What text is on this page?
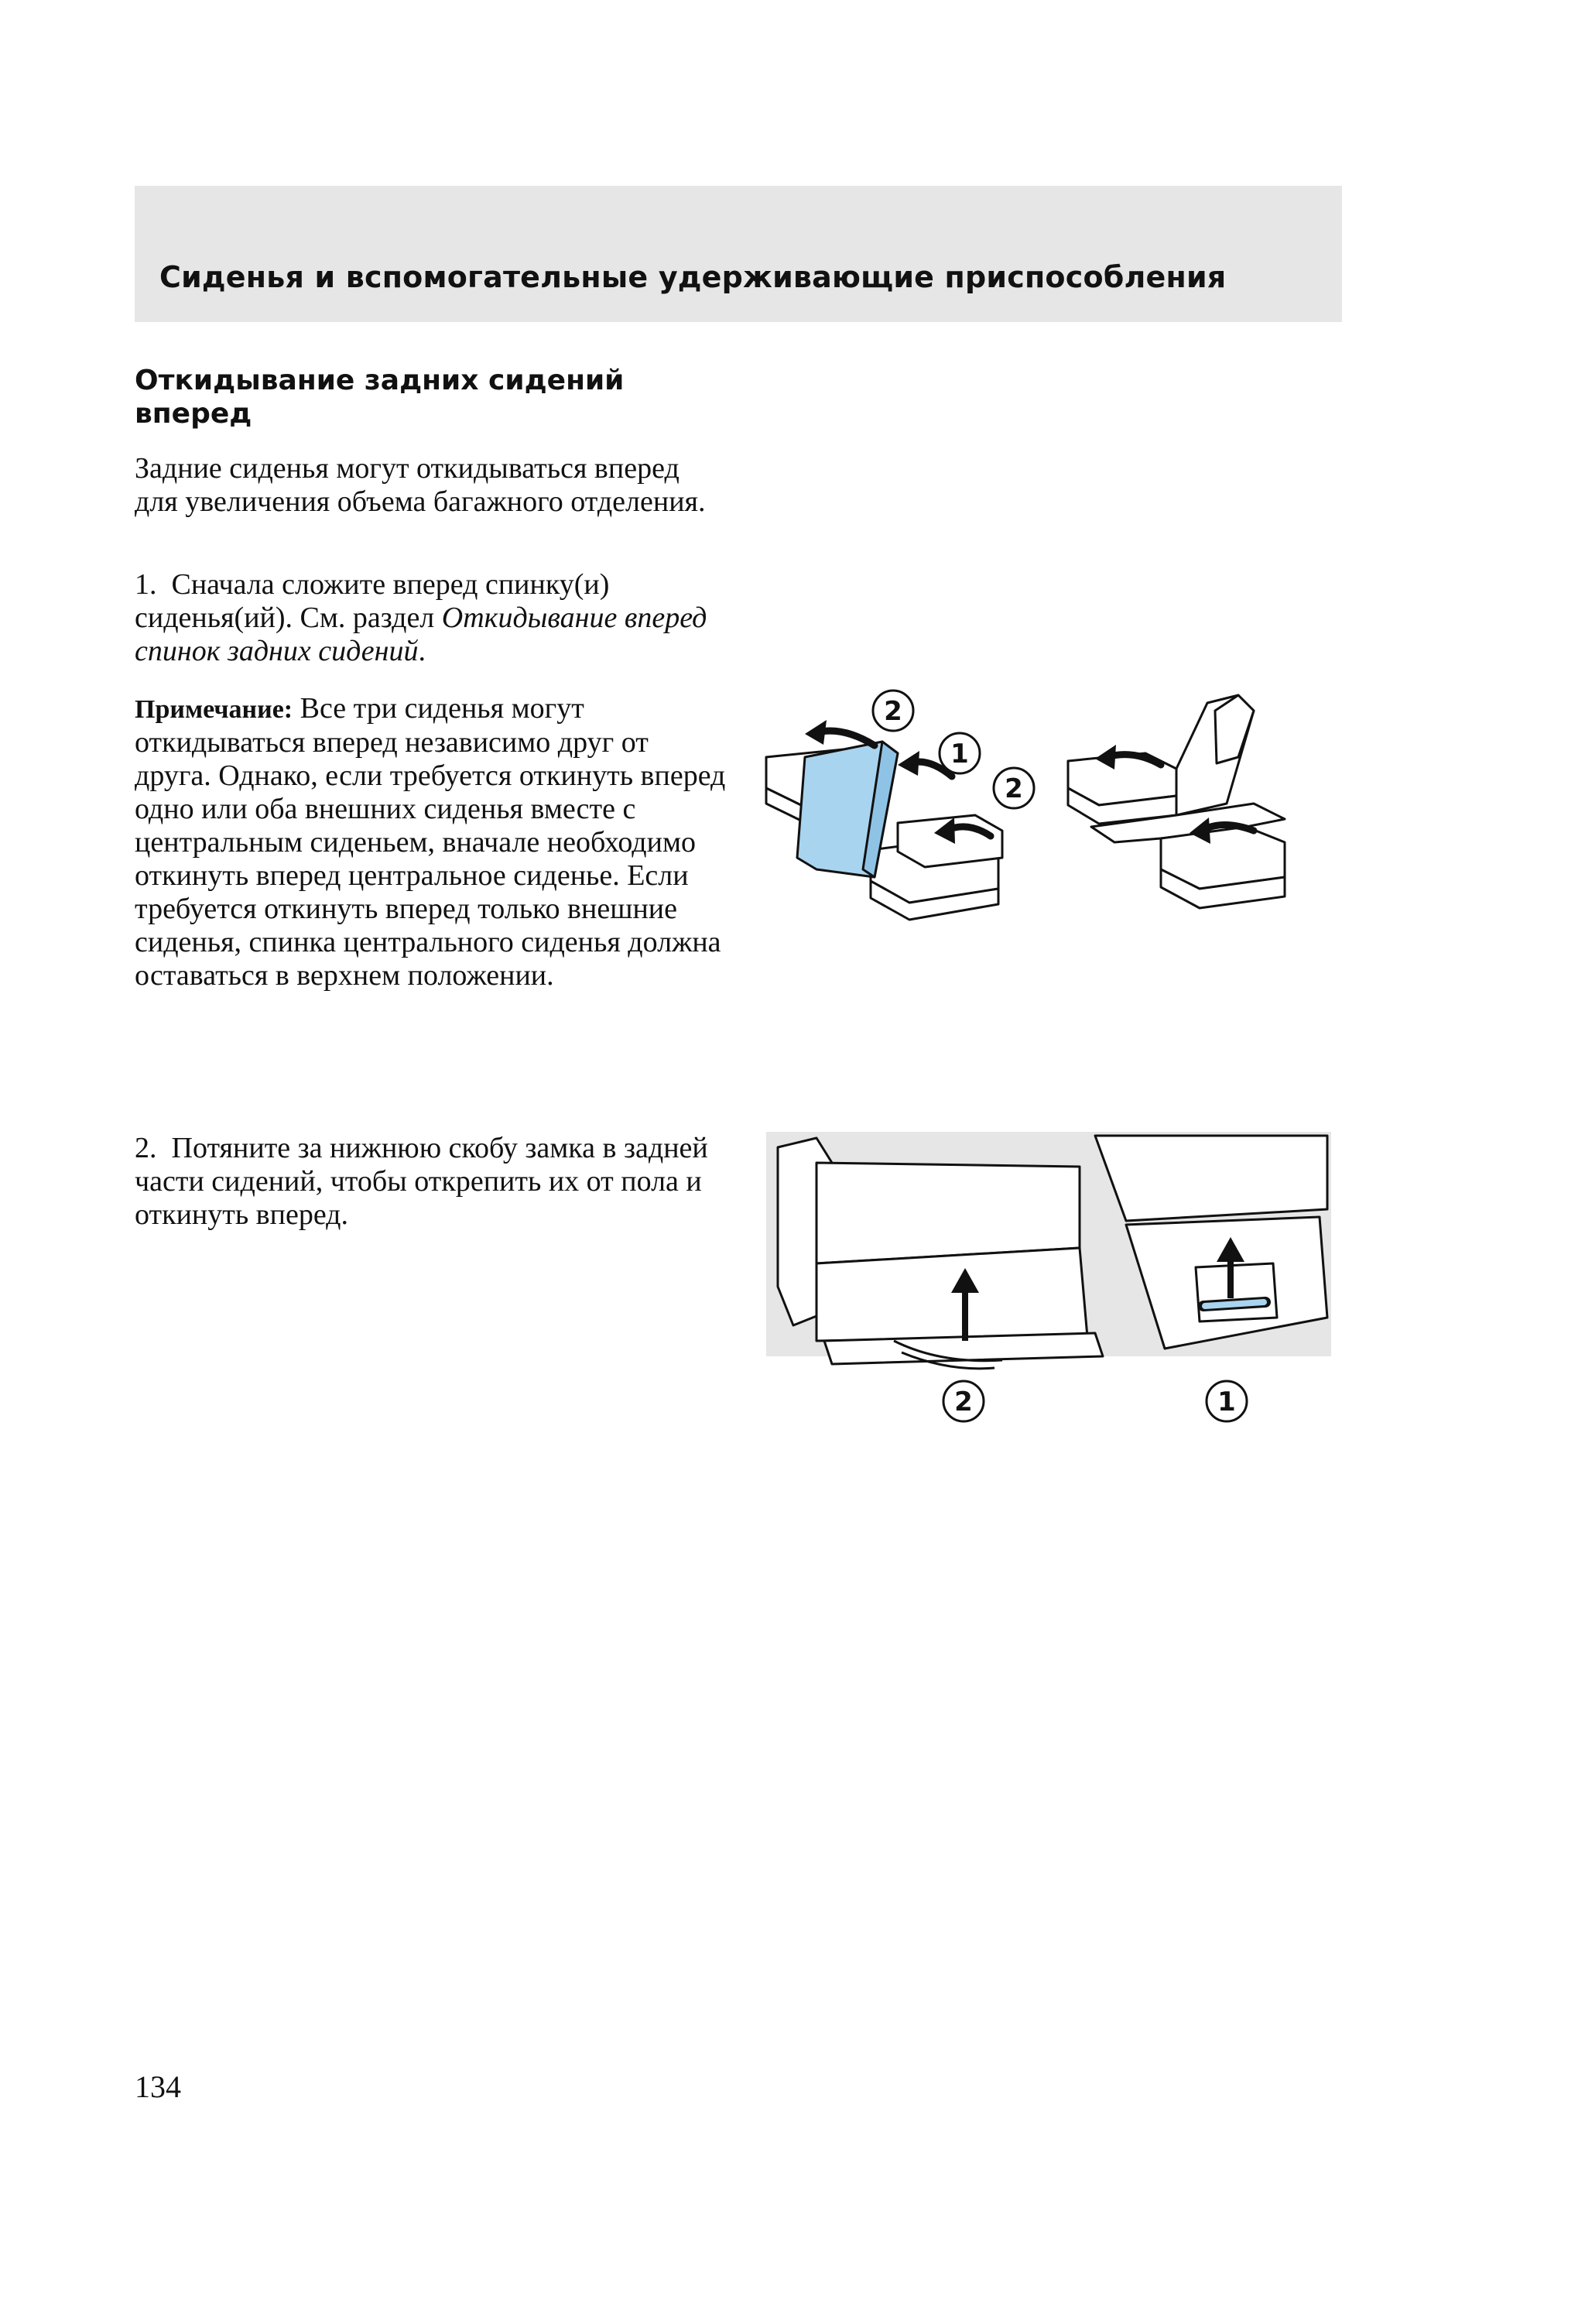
Сиденья и вспомогательные удерживающие приспособления
Откидывание задних сидений вперед
Задние сиденья могут откидываться вперед для увеличения объема багажного отделения.
1. Сначала сложите вперед спинку(и) сиденья(ий). См. раздел Откидывание вперед спинок задних сидений.
Примечание: Все три сиденья могут откидываться вперед независимо друг от друга. Однако, если требуется откинуть вперед одно или оба внешних сиденья вместе с центральным сиденьем, вначале необходимо откинуть вперед центральное сиденье. Если требуется откинуть вперед только внешние сиденья, спинка центрального сиденья должна оставаться в верхнем положении.
2. Потяните за нижнюю скобу замка в задней части сидений, чтобы открепить их от пола и откинуть вперед.
2
1
2
2	1
134
